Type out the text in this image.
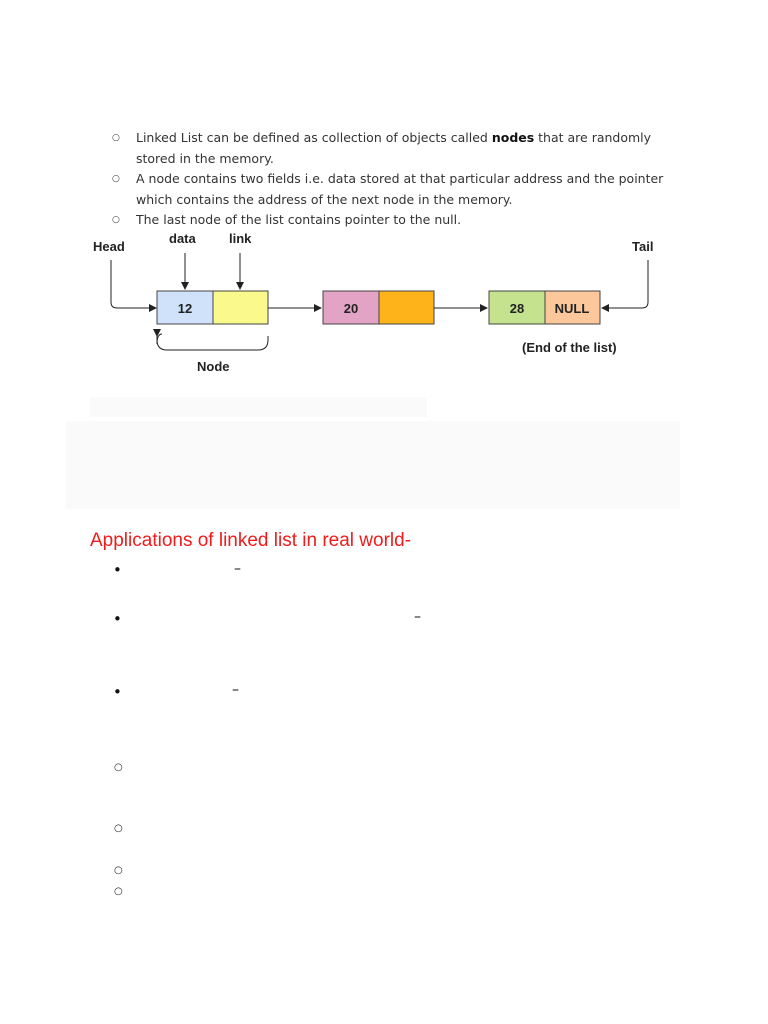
○ Linked List can be defined as collection of objects called nodes that are randomly stored in the memory.
○ A node contains two fields i.e. data stored at that particular address and the pointer which contains the address of the next node in the memory.
○ The last node of the list contains pointer to the null.
Head
data	link
Tail
12	20	28 NULL
Node
(End of the list)
Applications of linked list in real world-
•	–
•	–
•	–
○
○
○
○
